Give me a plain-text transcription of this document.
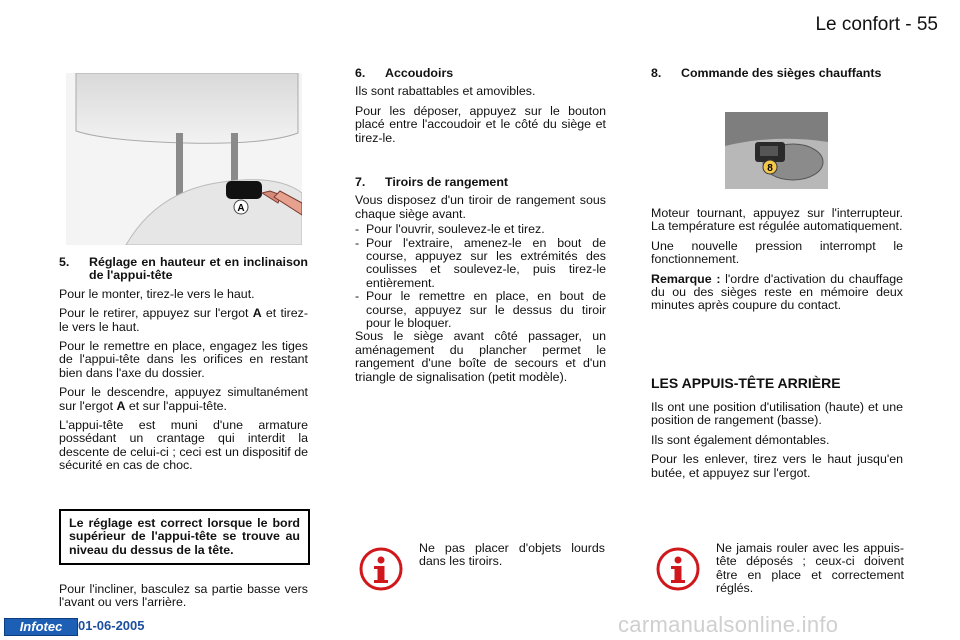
Le confort - 55
A
5.	Réglage en hauteur et en inclinaison de l'appui-tête

Pour le monter, tirez-le vers le haut.

Pour le retirer, appuyez sur l'ergot A et tirez-le vers le haut.

Pour le remettre en place, engagez les tiges de l'appui-tête dans les orifices en restant bien dans l'axe du dossier.

Pour le descendre, appuyez simultanément sur l'ergot A et sur l'appui-tête.

L'appui-tête est muni d'une armature possédant un crantage qui interdit la descente de celui-ci ; ceci est un dispositif de sécurité en cas de choc.

Le réglage est correct lorsque le bord supérieur de l'appui-tête se trouve au niveau du dessus de la tête.
Pour l'incliner, basculez sa partie basse vers l'avant ou vers l'arrière.
6.	Accoudoirs

Ils sont rabattables et amovibles.

Pour les déposer, appuyez sur le bouton placé entre l'accoudoir et le côté du siège et tirez-le.

7.	Tiroirs de rangement

Vous disposez d'un tiroir de rangement sous chaque siège avant.

- Pour l'ouvrir, soulevez-le et tirez.
- Pour l'extraire, amenez-le en bout de course, appuyez sur les extrémités des coulisses et soulevez-le, puis tirez-le entièrement.
- Pour le remettre en place, en bout de course, appuyez sur le dessus du tiroir pour le bloquer.

Sous le siège avant côté passager, un aménagement du plancher permet le rangement d'une boîte de secours et d'un triangle de signalisation (petit modèle).

Ne pas placer d'objets lourds dans les tiroirs.
8.	Commande des sièges chauffants
8

Moteur tournant, appuyez sur l'interrupteur. La température est régulée automatiquement.

Une nouvelle pression interrompt le fonctionnement.

Remarque : l'ordre d'activation du chauffage du ou des sièges reste en mémoire deux minutes après coupure du contact.

LES APPUIS-TÊTE ARRIÈRE

Ils ont une position d'utilisation (haute) et une position de rangement (basse).

Ils sont également démontables.

Pour les enlever, tirez vers le haut jusqu'en butée, et appuyez sur l'ergot.

Ne jamais rouler avec les appuis-tête déposés ; ceux-ci doivent être en place et correctement réglés.
Infotec	01-06-2005	carmanualsonline.info
